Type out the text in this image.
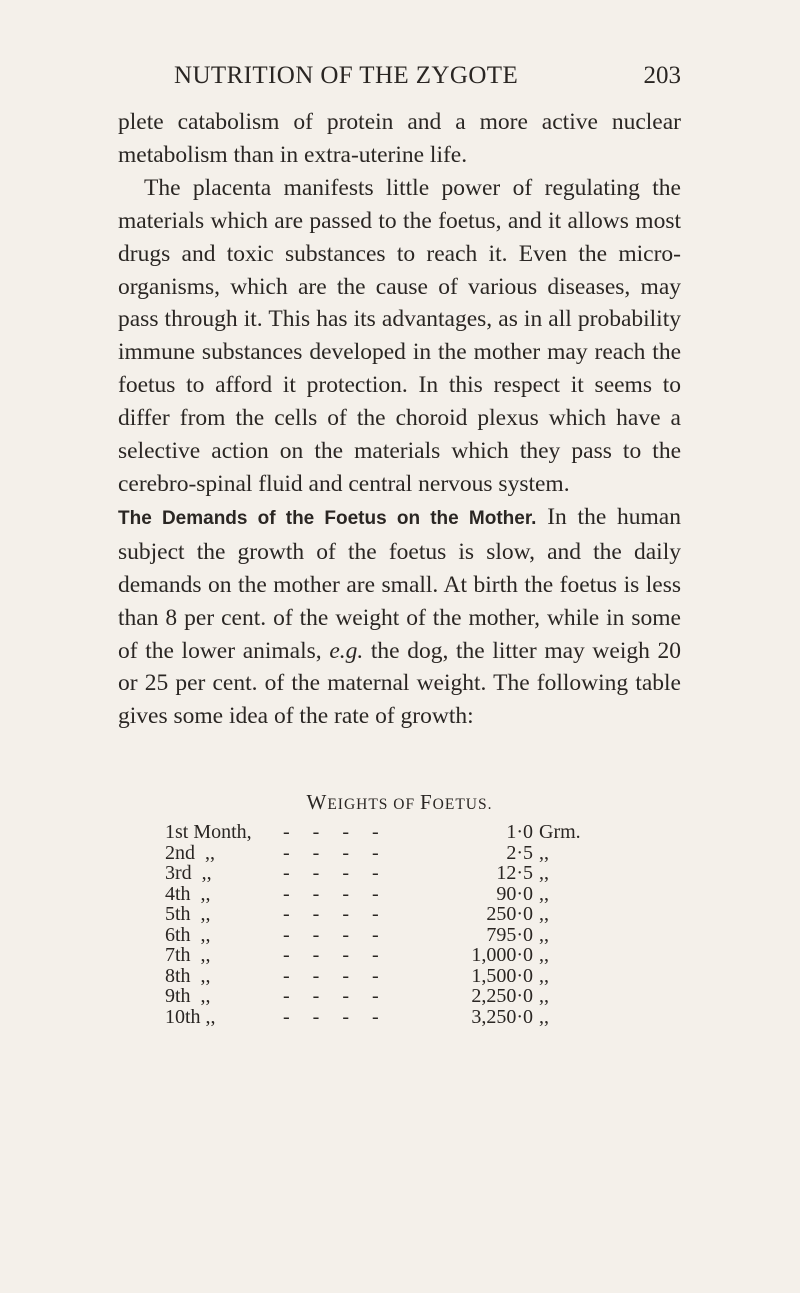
NUTRITION OF THE ZYGOTE	203

plete catabolism of protein and a more active nuclear metabolism than in extra-uterine life.

The placenta manifests little power of regulating the materials which are passed to the foetus, and it allows most drugs and toxic substances to reach it. Even the micro-organisms, which are the cause of various diseases, may pass through it. This has its advantages, as in all probability immune substances developed in the mother may reach the foetus to afford it protection. In this respect it seems to differ from the cells of the choroid plexus which have a selective action on the materials which they pass to the cerebro-spinal fluid and central nervous system.

The Demands of the Foetus on the Mother. In the human subject the growth of the foetus is slow, and the daily demands on the mother are small. At birth the foetus is less than 8 per cent. of the weight of the mother, while in some of the lower animals, e.g. the dog, the litter may weigh 20 or 25 per cent. of the maternal weight. The following table gives some idea of the rate of growth:

WEIGHTS OF FOETUS.
1st Month,	-   -   -   -	1·0	Grm.
2nd  ,,	-   -   -   -	2·5	,,
3rd  ,,	-   -   -   -	12·5	,,
4th  ,,	-   -   -   -	90·0	,,
5th  ,,	-   -   -   -	250·0	,,
6th  ,,	-   -   -   -	795·0	,,
7th  ,,	-   -   -   -	1,000·0	,,
8th  ,,	-   -   -   -	1,500·0	,,
9th  ,,	-   -   -   -	2,250·0	,,
10th ,,	-   -   -   -	3,250·0	,,
